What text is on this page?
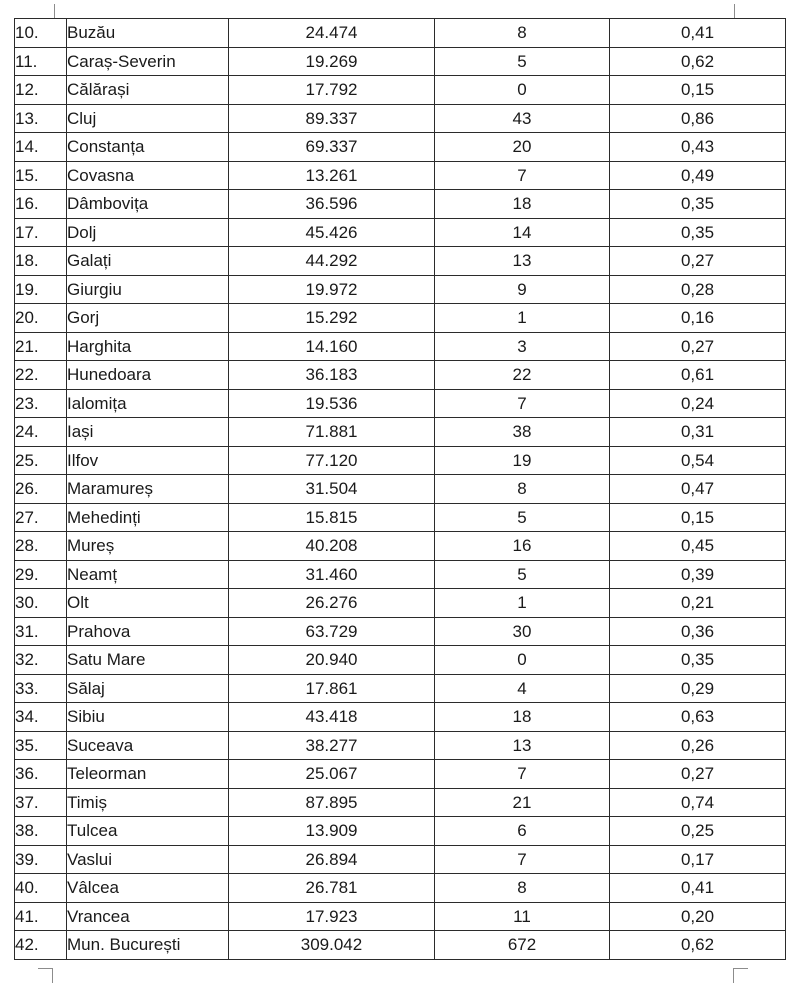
10.	Buzău	24.474	8	0,41
11.	Caraș-Severin	19.269	5	0,62
12.	Călărași	17.792	0	0,15
13.	Cluj	89.337	43	0,86
14.	Constanța	69.337	20	0,43
15.	Covasna	13.261	7	0,49
16.	Dâmbovița	36.596	18	0,35
17.	Dolj	45.426	14	0,35
18.	Galați	44.292	13	0,27
19.	Giurgiu	19.972	9	0,28
20.	Gorj	15.292	1	0,16
21.	Harghita	14.160	3	0,27
22.	Hunedoara	36.183	22	0,61
23.	Ialomița	19.536	7	0,24
24.	Iași	71.881	38	0,31
25.	Ilfov	77.120	19	0,54
26.	Maramureș	31.504	8	0,47
27.	Mehedinți	15.815	5	0,15
28.	Mureș	40.208	16	0,45
29.	Neamț	31.460	5	0,39
30.	Olt	26.276	1	0,21
31.	Prahova	63.729	30	0,36
32.	Satu Mare	20.940	0	0,35
33.	Sălaj	17.861	4	0,29
34.	Sibiu	43.418	18	0,63
35.	Suceava	38.277	13	0,26
36.	Teleorman	25.067	7	0,27
37.	Timiș	87.895	21	0,74
38.	Tulcea	13.909	6	0,25
39.	Vaslui	26.894	7	0,17
40.	Vâlcea	26.781	8	0,41
41.	Vrancea	17.923	11	0,20
42.	Mun. București	309.042	672	0,62
